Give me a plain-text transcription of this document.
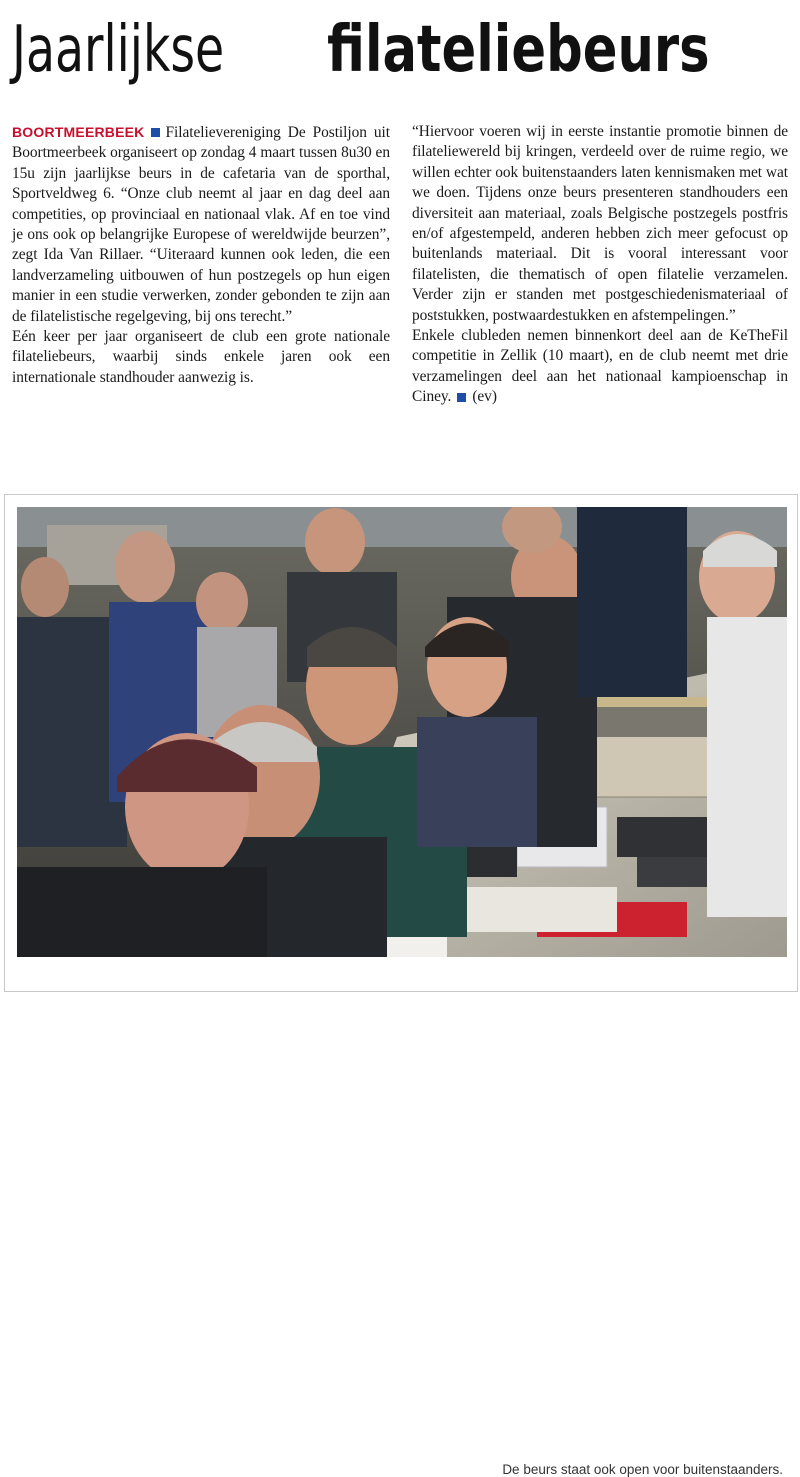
Jaarlijkse filateliebeurs

BOORTMEERBEEK Filatelievereniging De Postiljon uit Boortmeerbeek organiseert op zondag 4 maart tussen 8u30 en 15u zijn jaarlijkse beurs in de cafetaria van de sporthal, Sportveldweg 6. “Onze club neemt al jaar en dag deel aan competities, op provinciaal en nationaal vlak. Af en toe vind je ons ook op belangrijke Europese of wereldwijde beurzen”, zegt Ida Van Rillaer. “Uiteraard kunnen ook leden, die een landverzameling uitbouwen of hun postzegels op hun eigen manier in een studie verwerken, zonder gebonden te zijn aan de filatelistische regelgeving, bij ons terecht.”

Eén keer per jaar organiseert de club een grote nationale filateliebeurs, waarbij sinds enkele jaren ook een internationale standhouder aanwezig is.

“Hiervoor voeren wij in eerste instantie promotie binnen de filateliewereld bij kringen, verdeeld over de ruime regio, we willen echter ook buitenstaanders laten kennismaken met wat we doen. Tijdens onze beurs presenteren standhouders een diversiteit aan materiaal, zoals Belgische postzegels postfris en/of afgestempeld, anderen hebben zich meer gefocust op buitenlands materiaal. Dit is vooral interessant voor filatelisten, die thematisch of open filatelie verzamelen. Verder zijn er standen met postgeschiedenismateriaal of poststukken, postwaardestukken en afstempelingen.”

Enkele clubleden nemen binnenkort deel aan de KeTheFil competitie in Zellik (10 maart), en de club neemt met drie verzamelingen deel aan het nationaal kampioenschap in Ciney. (ev)

© GRF
De beurs staat ook open voor buitenstaanders.
